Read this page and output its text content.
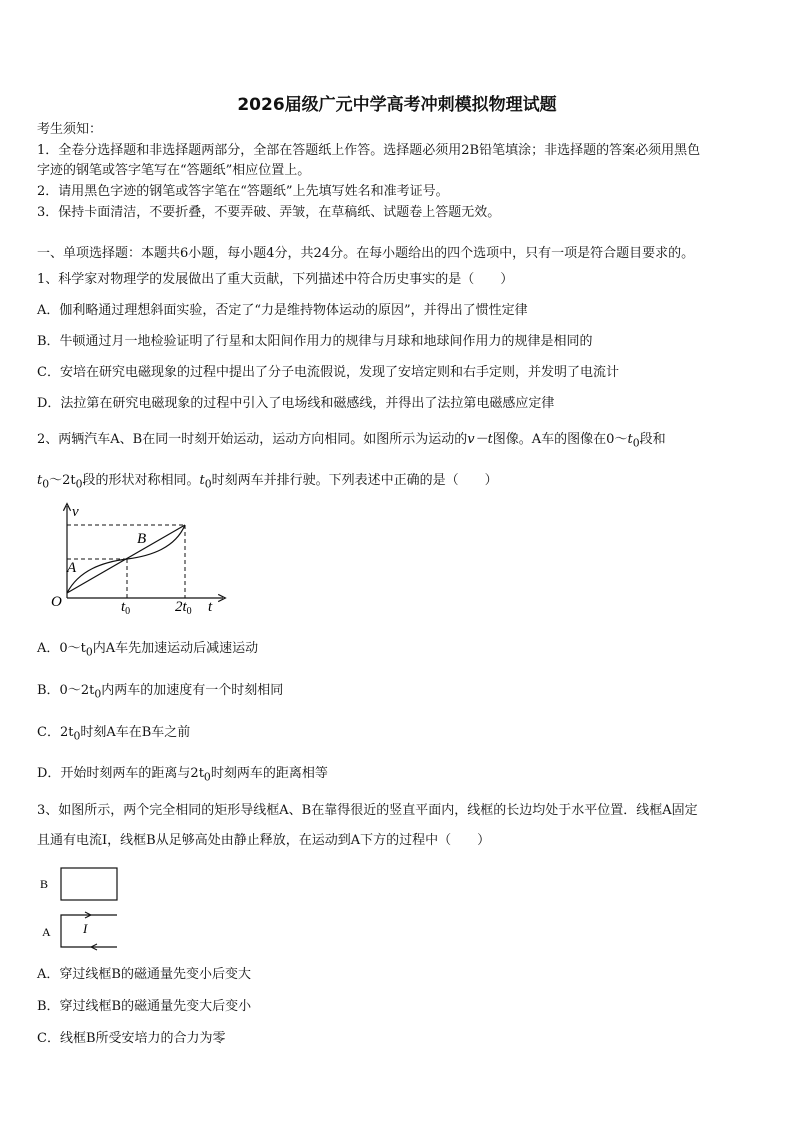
2026届级广元中学高考冲刺模拟物理试题
考生须知：
1．全卷分选择题和非选择题两部分，全部在答题纸上作答。选择题必须用2B铅笔填涂；非选择题的答案必须用黑色
字迹的钢笔或答字笔写在“答题纸”相应位置上。
2．请用黑色字迹的钢笔或答字笔在“答题纸”上先填写姓名和准考证号。
3．保持卡面清洁，不要折叠，不要弄破、弄皱，在草稿纸、试题卷上答题无效。
一、单项选择题：本题共6小题，每小题4分，共24分。在每小题给出的四个选项中，只有一项是符合题目要求的。
1、科学家对物理学的发展做出了重大贡献，下列描述中符合历史事实的是（　　）
A．伽利略通过理想斜面实验，否定了“力是维持物体运动的原因”，并得出了惯性定律
B．牛顿通过月一地检验证明了行星和太阳间作用力的规律与月球和地球间作用力的规律是相同的
C．安培在研究电磁现象的过程中提出了分子电流假说，发现了安培定则和右手定则，并发明了电流计
D．法拉第在研究电磁现象的过程中引入了电场线和磁感线，并得出了法拉第电磁感应定律
2、两辆汽车A、B在同一时刻开始运动，运动方向相同。如图所示为运动的v－t图像。A车的图像在$0\sim t_0$段和
$t_0\sim 2t_0$段的形状对称相同。$t_0$时刻两车并排行驶。下列表述中正确的是（　　）
v
B
A
O	$t_0$	$2t_0$ t
A．$0\sim t_0$内A车先加速运动后减速运动
B．$0\sim 2t_0$内两车的加速度有一个时刻相同
C．$2t_0$时刻A车在B车之前
D．开始时刻两车的距离与$2t_0$时刻两车的距离相等
3、如图所示，两个完全相同的矩形导线框A、B在靠得很近的竖直平面内，线框的长边均处于水平位置．线框A固定
且通有电流I，线框B从足够高处由静止释放，在运动到A下方的过程中（　　）
B
A I
A．穿过线框B的磁通量先变小后变大
B．穿过线框B的磁通量先变大后变小
C．线框B所受安培力的合力为零
